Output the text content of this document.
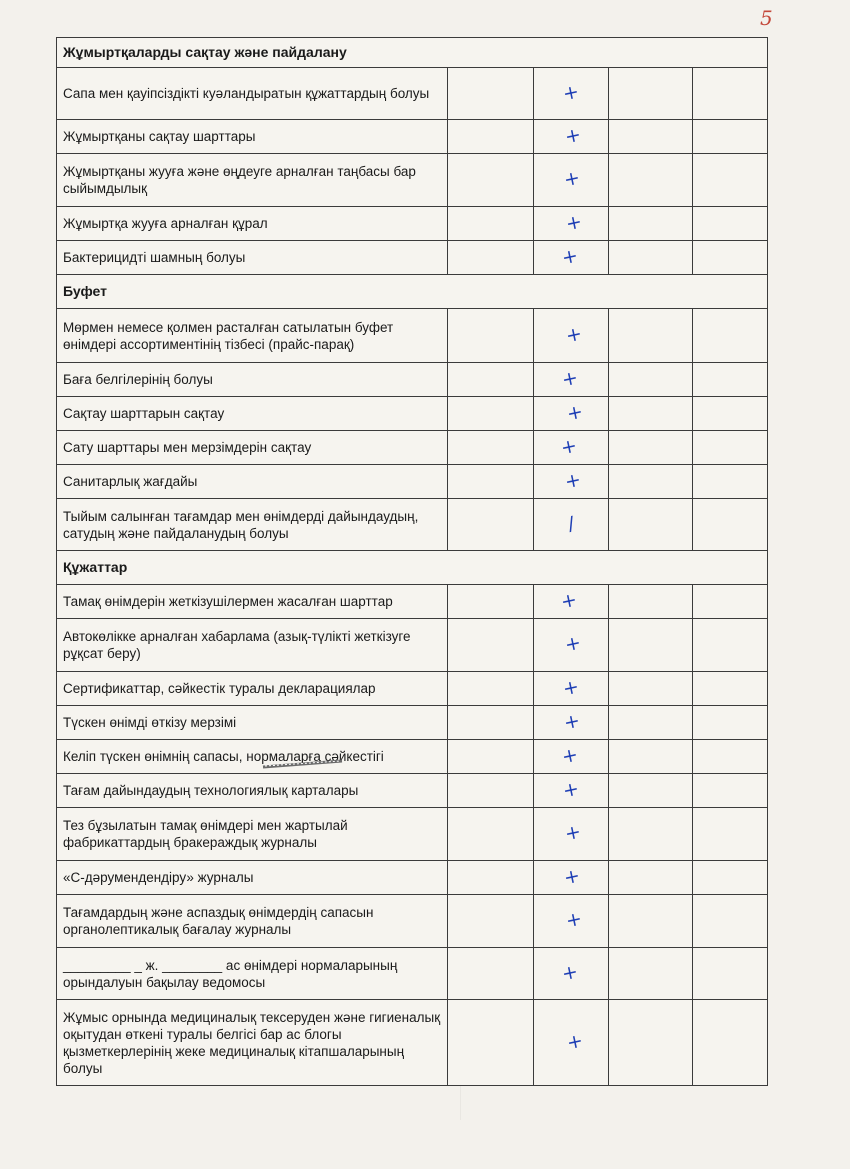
5
Жұмыртқаларды сақтау және пайдалану				
Сапа мен қауіпсіздікті куәландыратын құжаттардың болуы		+		
Жұмыртқаны сақтау шарттары		+		
Жұмыртқаны жууға және өңдеуге арналған таңбасы бар сыйымдылық		+		
Жұмыртқа жууға арналған құрал		+		
Бактерицидті шамның болуы		+		
Буфет				
Мөрмен немесе қолмен расталған сатылатын буфет өнімдері ассортиментінің тізбесі (прайс-парақ)		+		
Баға белгілерінің болуы		+		
Сақтау шарттарын сақтау		+		
Сату шарттары мен мерзімдерін сақтау		+		
Санитарлық жағдайы		+		
Тыйым салынған тағамдар мен өнімдерді дайындаудың, сатудың және пайдаланудың болуы		/		
Құжаттар				
Тамақ өнімдерін жеткізушілермен жасалған шарттар		+		
Автокөлікке арналған хабарлама (азық-түлікті жеткізуге рұқсат беру)		+		
Сертификаттар, сәйкестік туралы декларациялар		+		
Түскен өнімді өткізу мерзімі		+		
Келіп түскен өнімнің сапасы, нормаларға сәйкестігі		+		
Тағам дайындаудың технологиялық карталары		+		
Тез бұзылатын тамақ өнімдері мен жартылай фабрикаттардың бракераждық журналы		+		
«С-дәрумендендіру» журналы		+		
Тағамдардың және аспаздық өнімдердің сапасын органолептикалық бағалау журналы		+		
_________ _ ж. ________ ас өнімдері нормаларының орындалуын бақылау ведомосы		+		
Жұмыс орнында медициналық тексеруден және гигиеналық оқытудан өткені туралы белгісі бар ас блогы қызметкерлерінің жеке медициналық кітапшаларының болуы		+		
